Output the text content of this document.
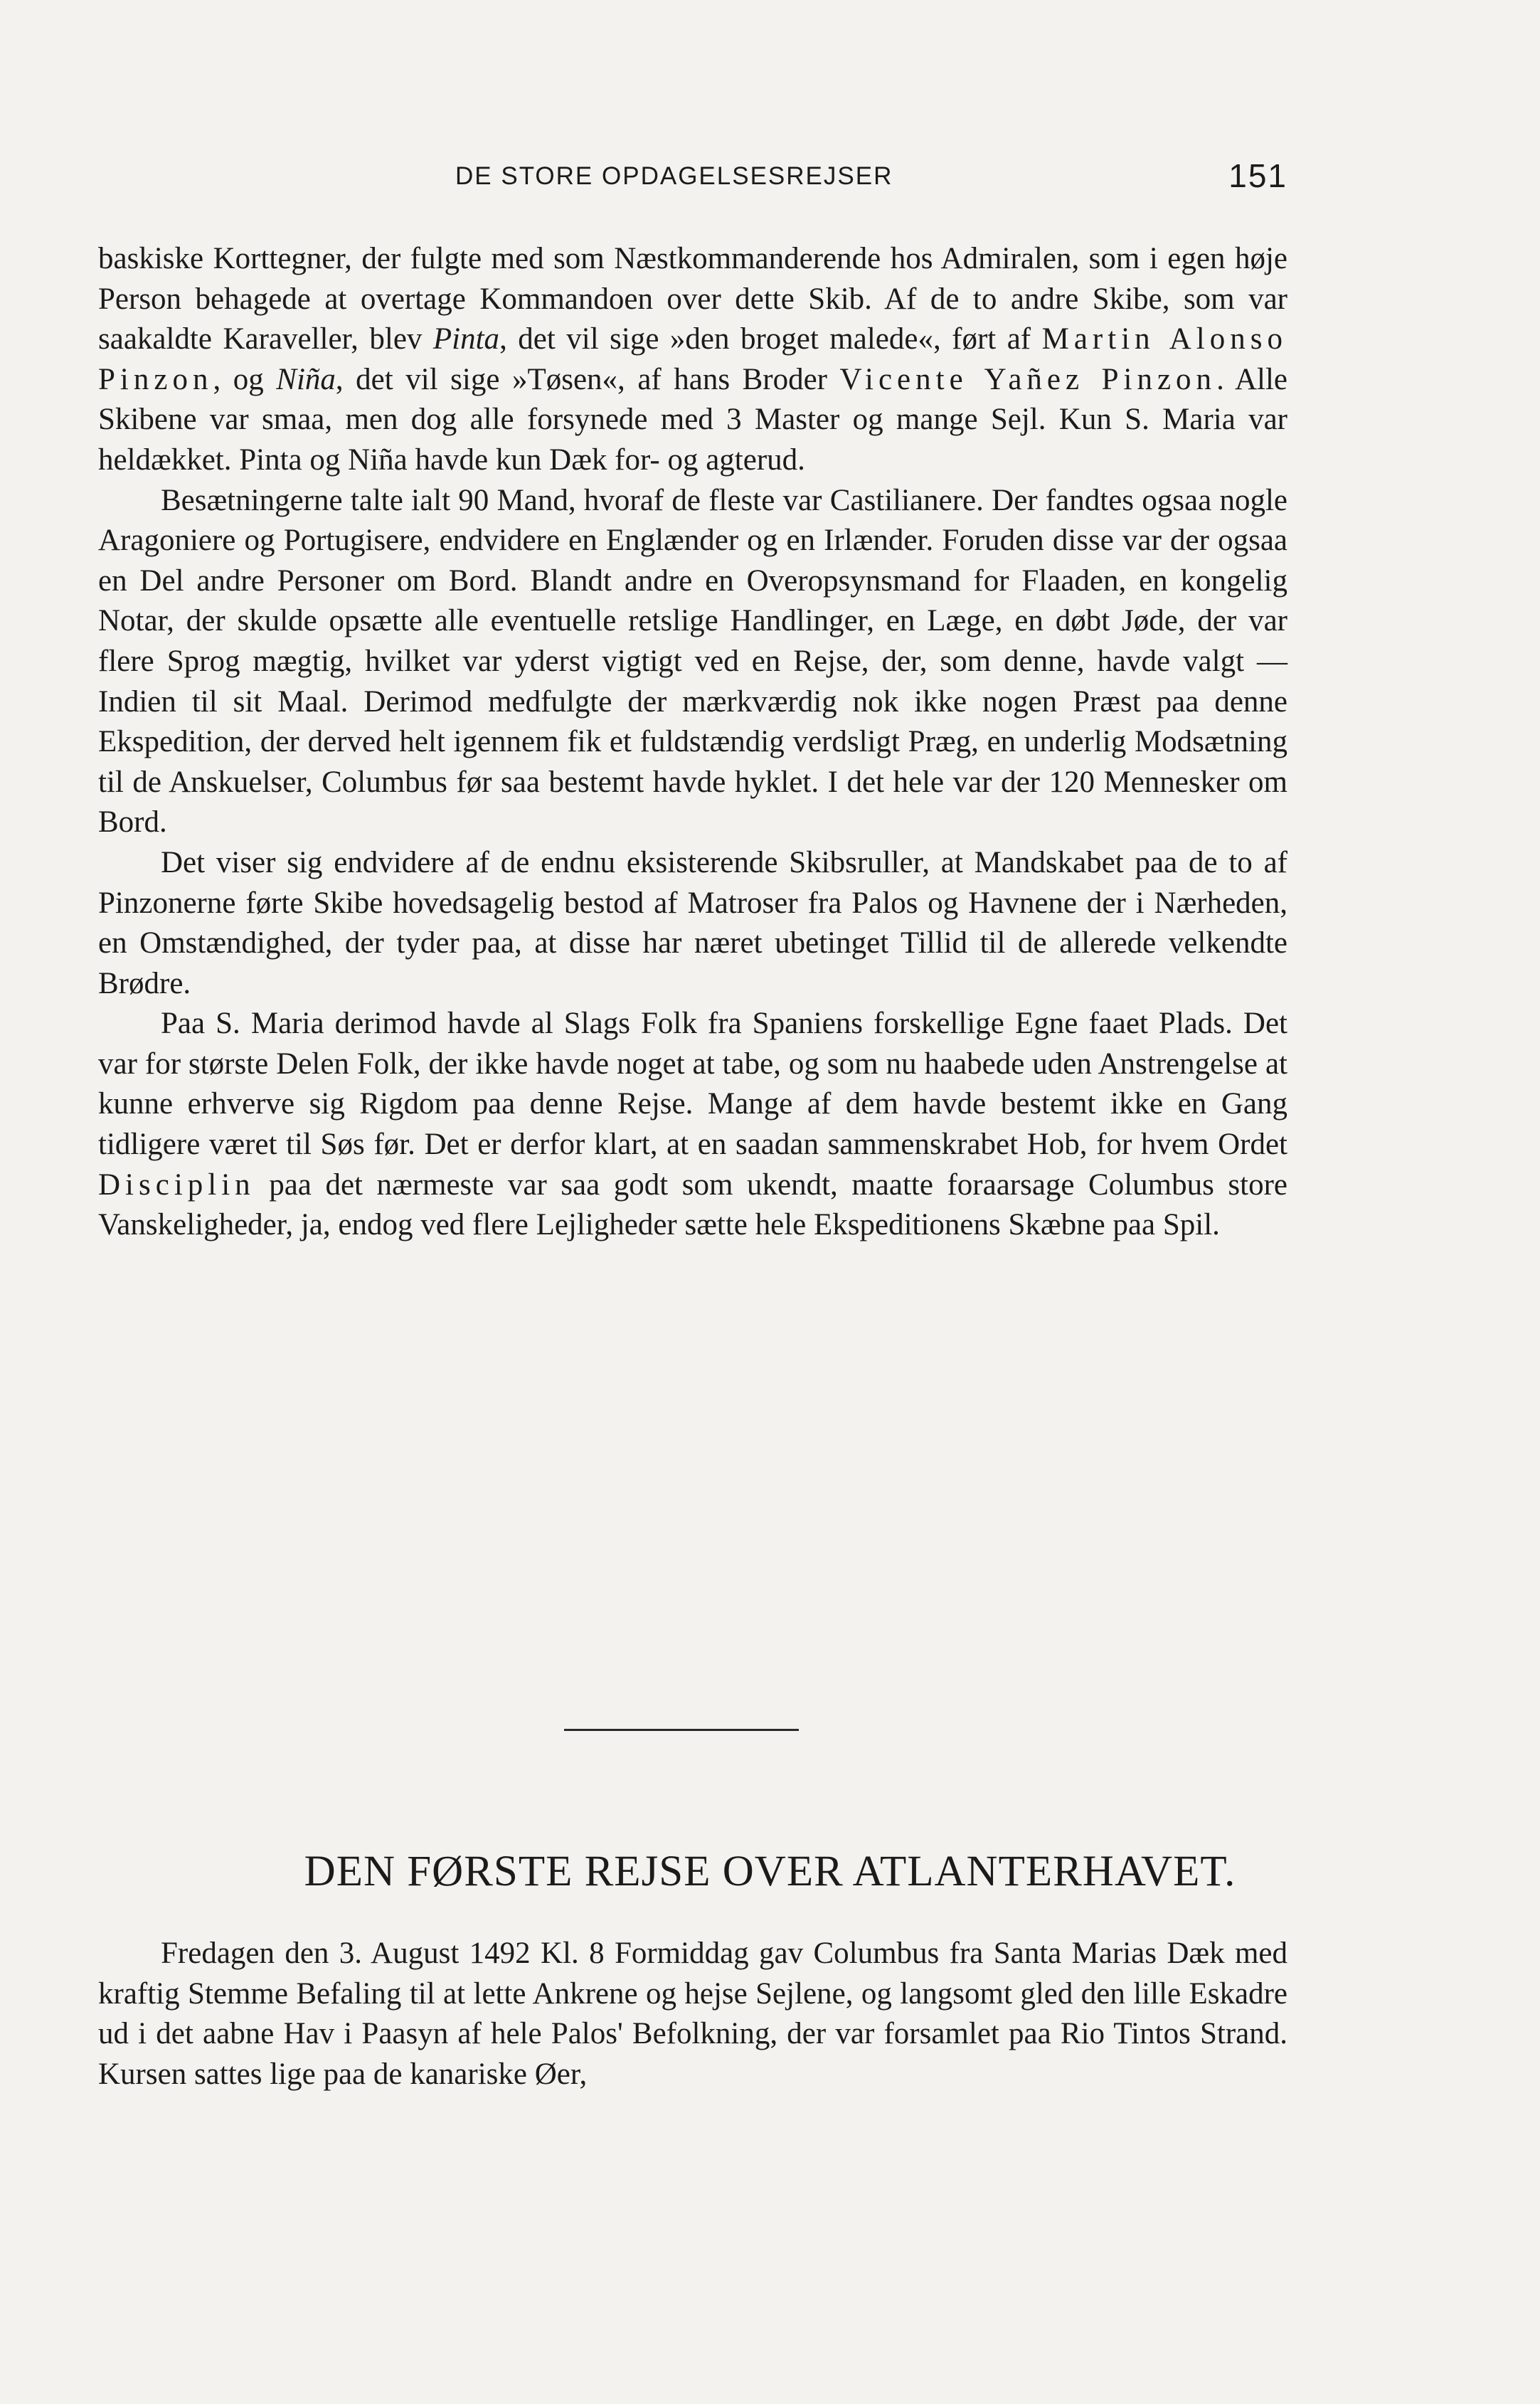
DE STORE OPDAGELSESREJSER	151

baskiske Korttegner, der fulgte med som Næstkommanderende hos Admiralen, som i egen høje Person behagede at overtage Kommandoen over dette Skib. Af de to andre Skibe, som var saakaldte Karaveller, blev Pinta, det vil sige »den broget malede«, ført af Martin Alonso Pinzon, og Niña, det vil sige »Tøsen«, af hans Broder Vicente Yañez Pinzon. Alle Skibene var smaa, men dog alle forsynede med 3 Master og mange Sejl. Kun S. Maria var heldækket. Pinta og Niña havde kun Dæk for- og agterud.

Besætningerne talte ialt 90 Mand, hvoraf de fleste var Castilianere. Der fandtes ogsaa nogle Aragoniere og Portugisere, endvidere en Englænder og en Irlænder. Foruden disse var der ogsaa en Del andre Personer om Bord. Blandt andre en Overopsynsmand for Flaaden, en kongelig Notar, der skulde opsætte alle eventuelle retslige Handlinger, en Læge, en døbt Jøde, der var flere Sprog mægtig, hvilket var yderst vigtigt ved en Rejse, der, som denne, havde valgt — Indien til sit Maal. Derimod medfulgte der mærkværdig nok ikke nogen Præst paa denne Ekspedition, der derved helt igennem fik et fuldstændig verdsligt Præg, en underlig Modsætning til de Anskuelser, Columbus før saa bestemt havde hyklet. I det hele var der 120 Mennesker om Bord.

Det viser sig endvidere af de endnu eksisterende Skibsruller, at Mandskabet paa de to af Pinzonerne førte Skibe hovedsagelig bestod af Matroser fra Palos og Havnene der i Nærheden, en Omstændighed, der tyder paa, at disse har næret ubetinget Tillid til de allerede velkendte Brødre.

Paa S. Maria derimod havde al Slags Folk fra Spaniens forskellige Egne faaet Plads. Det var for største Delen Folk, der ikke havde noget at tabe, og som nu haabede uden Anstrengelse at kunne erhverve sig Rigdom paa denne Rejse. Mange af dem havde bestemt ikke en Gang tidligere været til Søs før. Det er derfor klart, at en saadan sammenskrabet Hob, for hvem Ordet Disciplin paa det nærmeste var saa godt som ukendt, maatte foraarsage Columbus store Vanskeligheder, ja, endog ved flere Lejligheder sætte hele Ekspeditionens Skæbne paa Spil.

DEN FØRSTE REJSE OVER ATLANTERHAVET.

Fredagen den 3. August 1492 Kl. 8 Formiddag gav Columbus fra Santa Marias Dæk med kraftig Stemme Befaling til at lette Ankrene og hejse Sejlene, og langsomt gled den lille Eskadre ud i det aabne Hav i Paasyn af hele Palos' Befolkning, der var forsamlet paa Rio Tintos Strand. Kursen sattes lige paa de kanariske Øer,
